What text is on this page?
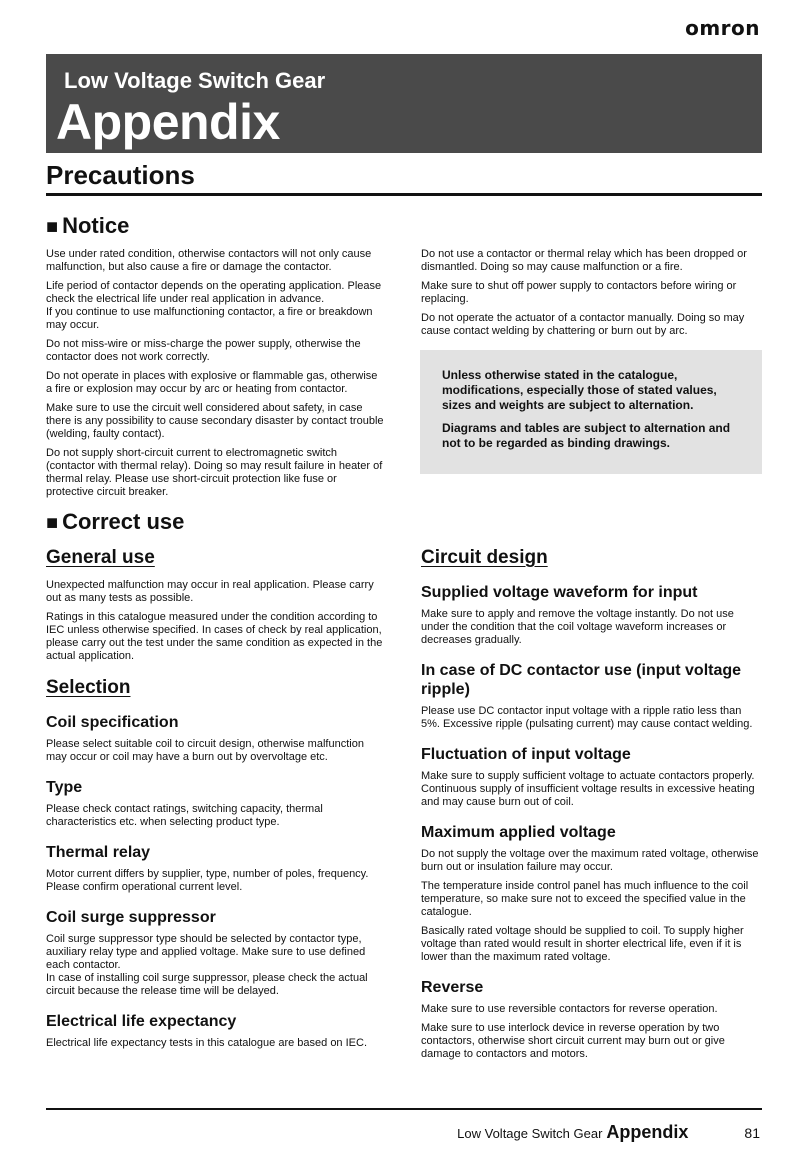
omron
Low Voltage Switch Gear
Appendix
Precautions
■ Notice

Use under rated condition, otherwise contactors will not only cause malfunction, but also cause a fire or damage the contactor.

Life period of contactor depends on the operating application. Please check the electrical life under real application in advance.
If you continue to use malfunctioning contactor, a fire or breakdown may occur.

Do not miss-wire or miss-charge the power supply, otherwise the contactor does not work correctly.

Do not operate in places with explosive or flammable gas, otherwise a fire or explosion may occur by arc or heating from contactor.

Make sure to use the circuit well considered about safety, in case there is any possibility to cause secondary disaster by contact trouble (welding, faulty contact).

Do not supply short-circuit current to electromagnetic switch (contactor with thermal relay). Doing so may result failure in heater of thermal relay. Please use short-circuit protection like fuse or protective circuit breaker.

Do not use a contactor or thermal relay which has been dropped or dismantled. Doing so may cause malfunction or a fire.

Make sure to shut off power supply to contactors before wiring or replacing.

Do not operate the actuator of a contactor manually. Doing so may cause contact welding by chattering or burn out by arc.

Unless otherwise stated in the catalogue, modifications, especially those of stated values, sizes and weights are subject to alternation.

Diagrams and tables are subject to alternation and not to be regarded as binding drawings.

■ Correct use
General use

Unexpected malfunction may occur in real application. Please carry out as many tests as possible.

Ratings in this catalogue measured under the condition according to IEC unless otherwise specified. In cases of check by real application, please carry out the test under the same condition as expected in the actual application.

Selection
Coil specification

Please select suitable coil to circuit design, otherwise malfunction may occur or coil may have a burn out by overvoltage etc.

Type

Please check contact ratings, switching capacity, thermal characteristics etc. when selecting product type.

Thermal relay

Motor current differs by supplier, type, number of poles, frequency. Please confirm operational current level.

Coil surge suppressor

Coil surge suppressor type should be selected by contactor type, auxiliary relay type and applied voltage. Make sure to use defined each contactor.
In case of installing coil surge suppressor, please check the actual circuit because the release time will be delayed.

Electrical life expectancy

Electrical life expectancy tests in this catalogue are based on IEC.

Circuit design
Supplied voltage waveform for input

Make sure to apply and remove the voltage instantly. Do not use under the condition that the coil voltage waveform increases or decreases gradually.

In case of DC contactor use (input voltage ripple)

Please use DC contactor input voltage with a ripple ratio less than 5%. Excessive ripple (pulsating current) may cause contact welding.

Fluctuation of input voltage

Make sure to supply sufficient voltage to actuate contactors properly. Continuous supply of insufficient voltage results in excessive heating and may cause burn out of coil.

Maximum applied voltage

Do not supply the voltage over the maximum rated voltage, otherwise burn out or insulation failure may occur.

The temperature inside control panel has much influence to the coil temperature, so make sure not to exceed the specified value in the catalogue.

Basically rated voltage should be supplied to coil. To supply higher voltage than rated would result in shorter electrical life, even if it is lower than the maximum rated voltage.

Reverse

Make sure to use reversible contactors for reverse operation.

Make sure to use interlock device in reverse operation by two contactors, otherwise short circuit current may burn out or give damage to contactors and motors.

Low Voltage Switch Gear Appendix	81
